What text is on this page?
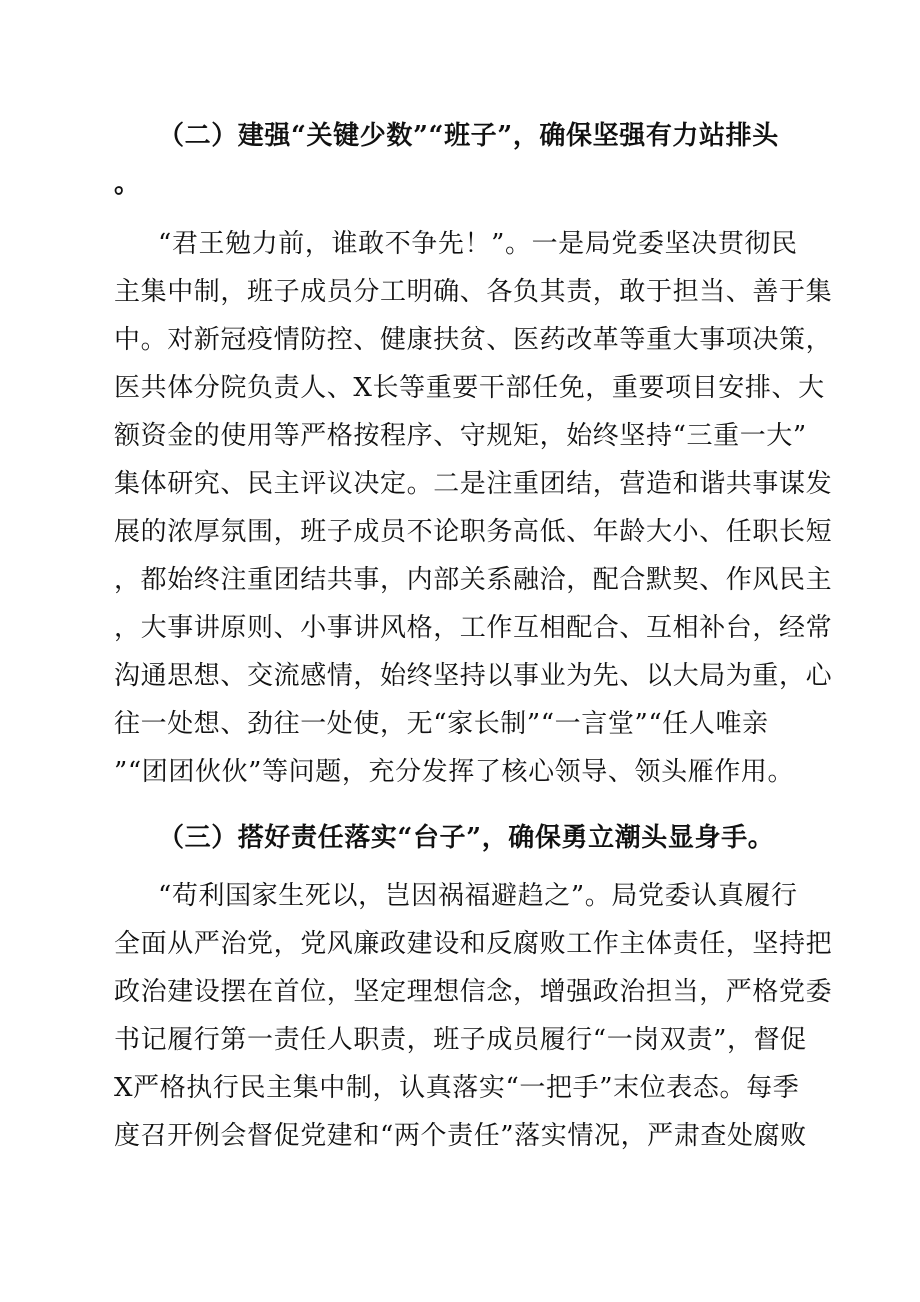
（二）建强“关键少数”“班子”，确保坚强有力站排头
。
“君王勉力前，谁敢不争先！”。一是局党委坚决贯彻民
主集中制，班子成员分工明确、各负其责，敢于担当、善于集
中。对新冠疫情防控、健康扶贫、医药改革等重大事项决策，
医共体分院负责人、X长等重要干部任免，重要项目安排、大
额资金的使用等严格按程序、守规矩，始终坚持“三重一大”
集体研究、民主评议决定。二是注重团结，营造和谐共事谋发
展的浓厚氛围，班子成员不论职务高低、年龄大小、任职长短
，都始终注重团结共事，内部关系融洽，配合默契、作风民主
，大事讲原则、小事讲风格，工作互相配合、互相补台，经常
沟通思想、交流感情，始终坚持以事业为先、以大局为重，心
往一处想、劲往一处使，无“家长制”“一言堂”“任人唯亲
”“团团伙伙”等问题，充分发挥了核心领导、领头雁作用。
（三）搭好责任落实“台子”，确保勇立潮头显身手。
“苟利国家生死以，岂因祸福避趋之”。局党委认真履行
全面从严治党，党风廉政建设和反腐败工作主体责任，坚持把
政治建设摆在首位，坚定理想信念，增强政治担当，严格党委
书记履行第一责任人职责，班子成员履行“一岗双责”，督促
X严格执行民主集中制，认真落实“一把手”末位表态。每季
度召开例会督促党建和“两个责任”落实情况，严肃查处腐败
